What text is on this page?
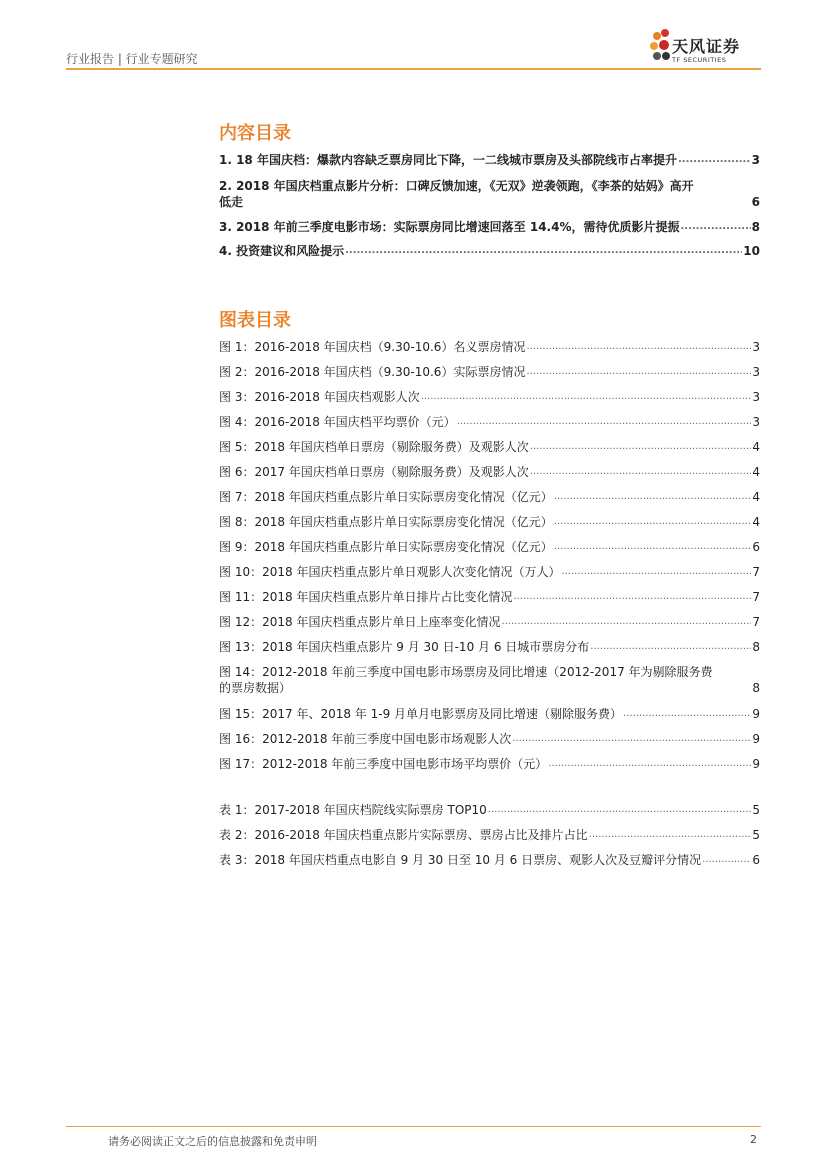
行业报告 | 行业专题研究
天风证券
TF SECURITIES
内容目录
1. 18 年国庆档：爆款内容缺乏票房同比下降，一二线城市票房及头部院线市占率提升 .....	3
2. 2018 年国庆档重点影片分析：口碑反馈加速，《无双》逆袭领跑，《李茶的姑妈》高开
低走	6
3. 2018 年前三季度电影市场：实际票房同比增速回落至 14.4%，需待优质影片提振 .....	8
4. 投资建议和风险提示 .....	10
图表目录
图 1：2016-2018 年国庆档（9.30-10.6）名义票房情况 .....	3
图 2：2016-2018 年国庆档（9.30-10.6）实际票房情况 .....	3
图 3：2016-2018 年国庆档观影人次 .....	3
图 4：2016-2018 年国庆档平均票价（元） .....	3
图 5：2018 年国庆档单日票房（剔除服务费）及观影人次 .....	4
图 6：2017 年国庆档单日票房（剔除服务费）及观影人次 .....	4
图 7：2018 年国庆档重点影片单日实际票房变化情况（亿元） .....	4
图 8：2018 年国庆档重点影片单日实际票房变化情况（亿元） .....	4
图 9：2018 年国庆档重点影片单日实际票房变化情况（亿元） .....	6
图 10：2018 年国庆档重点影片单日观影人次变化情况（万人） .....	7
图 11：2018 年国庆档重点影片单日排片占比变化情况 .....	7
图 12：2018 年国庆档重点影片单日上座率变化情况 .....	7
图 13：2018 年国庆档重点影片 9 月 30 日-10 月 6 日城市票房分布 .....	8
图 14：2012-2018 年前三季度中国电影市场票房及同比增速（2012-2017 年为剔除服务费
的票房数据）	8
图 15：2017 年、2018 年 1-9 月单月电影票房及同比增速（剔除服务费） .....	9
图 16：2012-2018 年前三季度中国电影市场观影人次 .....	9
图 17：2012-2018 年前三季度中国电影市场平均票价（元） .....	9
表 1：2017-2018 年国庆档院线实际票房 TOP10 .....	5
表 2：2016-2018 年国庆档重点影片实际票房、票房占比及排片占比 .....	5
表 3：2018 年国庆档重点电影自 9 月 30 日至 10 月 6 日票房、观影人次及豆瓣评分情况 .....	6
请务必阅读正文之后的信息披露和免责申明	2
